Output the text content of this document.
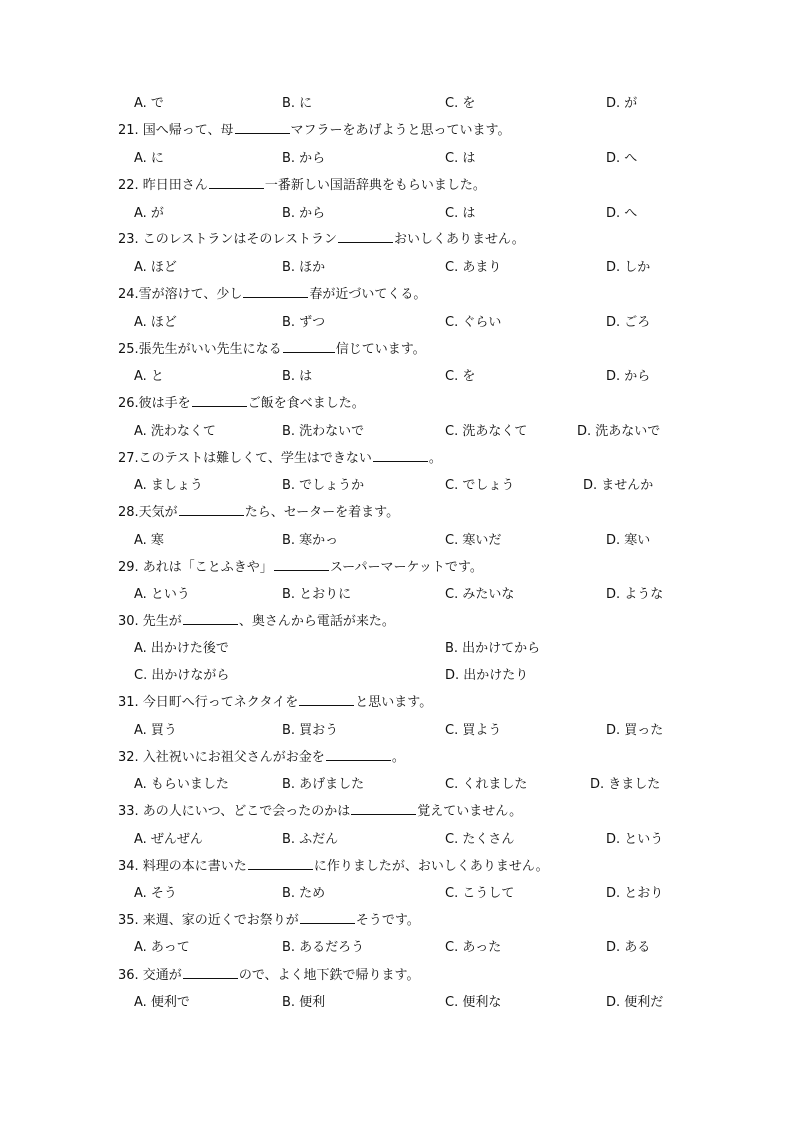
A. で	B. に	C. を	D. が
21. 国へ帰って、母	マフラーをあげようと思っています。
A. に	B. から	C. は	D. へ
22. 昨日田さん	一番新しい国語辞典をもらいました。
A. が	B. から	C. は	D. へ
23. このレストランはそのレストラン	おいしくありません。
A. ほど	B. ほか	C. あまり	D. しか
24.雪が溶けて、少し	春が近づいてくる。
A. ほど	B. ずつ	C. ぐらい	D. ごろ
25.張先生がいい先生になる	信じています。
A. と	B. は	C. を	D. から
26.彼は手を	ご飯を食べました。
A. 洗わなくて	B. 洗わないで	C. 洗あなくて	D. 洗あないで
27.このテストは難しくて、学生はできない	。
A. ましょう	B. でしょうか	C. でしょう	D. ませんか
28.天気が	たら、セーターを着ます。
A. 寒	B. 寒かっ	C. 寒いだ	D. 寒い
29. あれは「ことふきや」	スーパーマーケットです。
A. という	B. とおりに	C. みたいな	D. ような
30. 先生が	、奥さんから電話が来た。
A. 出かけた後で	B. 出かけてから
C. 出かけながら	D. 出かけたり
31. 今日町へ行ってネクタイを	と思います。
A. 買う	B. 買おう	C. 買よう	D. 買った
32. 入社祝いにお祖父さんがお金を	。
A. もらいました	B. あげました	C. くれました	D. きました
33. あの人にいつ、どこで会ったのかは	覚えていません。
A. ぜんぜん	B. ふだん	C. たくさん	D. という
34. 料理の本に書いた	に作りましたが、おいしくありません。
A. そう	B. ため	C. こうして	D. とおり
35. 来週、家の近くでお祭りが	そうです。
A. あって	B. あるだろう	C. あった	D. ある
36. 交通が	ので、よく地下鉄で帰ります。
A. 便利で	B. 便利	C. 便利な	D. 便利だ
